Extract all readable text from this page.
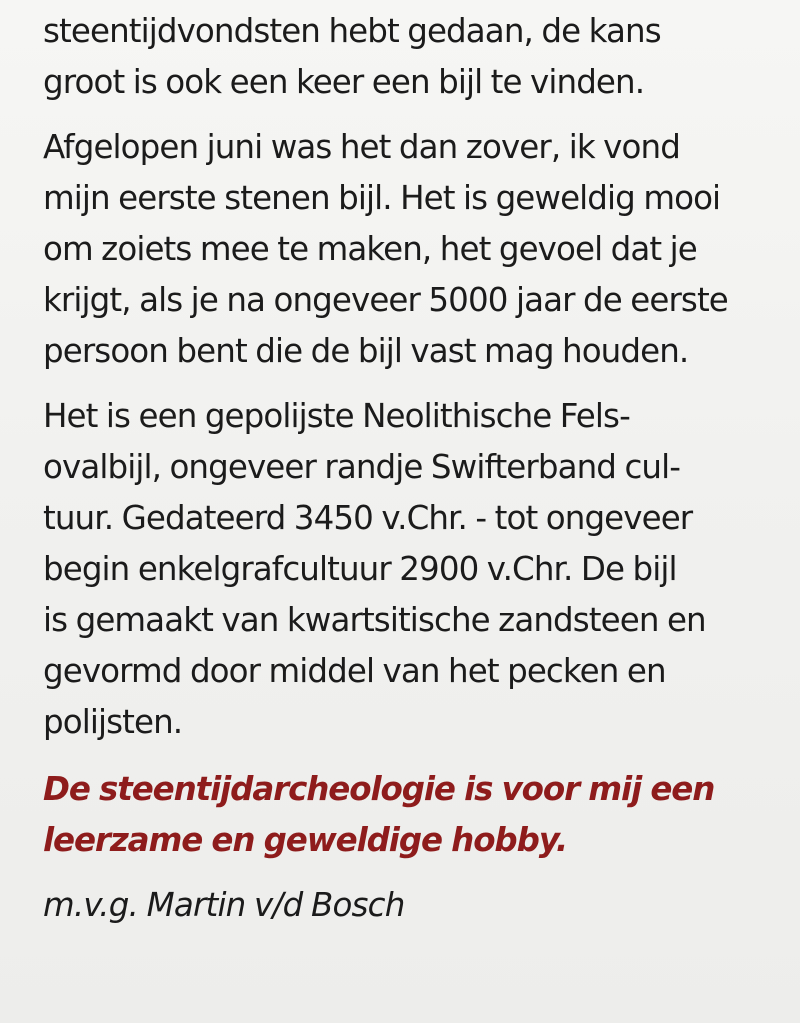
steentijdvondsten hebt gedaan, de kans
groot is ook een keer een bijl te vinden.

Afgelopen juni was het dan zover, ik vond
mijn eerste stenen bijl. Het is geweldig mooi
om zoiets mee te maken, het gevoel dat je
krijgt, als je na ongeveer 5000 jaar de eerste
persoon bent die de bijl vast mag houden.

Het is een gepolijste Neolithische Fels-
ovalbijl, ongeveer randje Swifterband cul-
tuur. Gedateerd 3450 v.Chr. - tot ongeveer
begin enkelgrafcultuur 2900 v.Chr. De bijl
is gemaakt van kwartsitische zandsteen en
gevormd door middel van het pecken en
polijsten.

De steentijdarcheologie is voor mij een
leerzame en geweldige hobby.

m.v.g. Martin v/d Bosch
